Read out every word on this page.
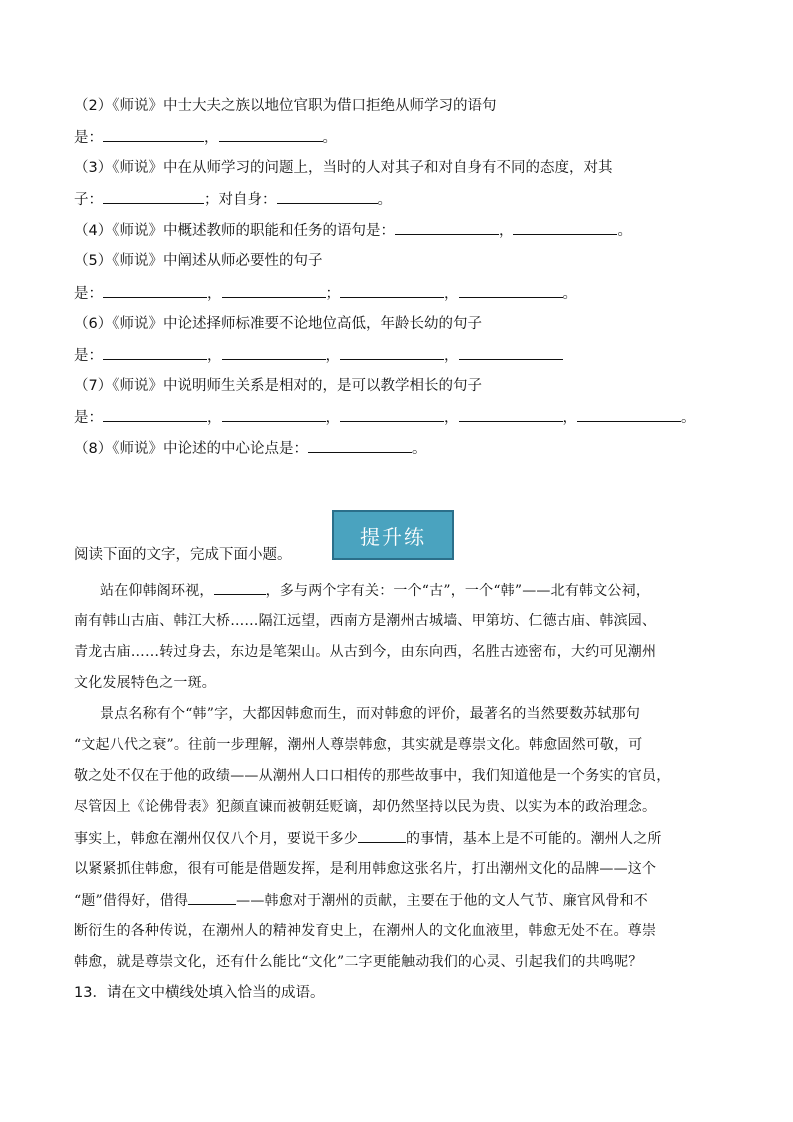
（2）《师说》中士大夫之族以地位官职为借口拒绝从师学习的语句
是：	，	。
（3）《师说》中在从师学习的问题上，当时的人对其子和对自身有不同的态度，对其
子：	；对自身：	。
（4）《师说》中概述教师的职能和任务的语句是：	，	。
（5）《师说》中阐述从师必要性的句子
是：	，	；	，	。
（6）《师说》中论述择师标准要不论地位高低，年龄长幼的句子
是：	，	，	，
（7）《师说》中说明师生关系是相对的，是可以教学相长的句子
是：	，	，	，	，	。
（8）《师说》中论述的中心论点是：	。
提升练
阅读下面的文字，完成下面小题。
站在仰韩阁环视，	，多与两个字有关：一个“古”，一个“韩”——北有韩文公祠，
南有韩山古庙、韩江大桥……隔江远望，西南方是潮州古城墙、甲第坊、仁德古庙、韩滨园、
青龙古庙……转过身去，东边是笔架山。从古到今，由东向西，名胜古迹密布，大约可见潮州
文化发展特色之一斑。
景点名称有个“韩”字，大都因韩愈而生，而对韩愈的评价，最著名的当然要数苏轼那句
“文起八代之衰”。往前一步理解，潮州人尊崇韩愈，其实就是尊崇文化。韩愈固然可敬，可
敬之处不仅在于他的政绩——从潮州人口口相传的那些故事中，我们知道他是一个务实的官员，
尽管因上《论佛骨表》犯颜直谏而被朝廷贬谪，却仍然坚持以民为贵、以实为本的政治理念。
事实上，韩愈在潮州仅仅八个月，要说干多少	的事情，基本上是不可能的。潮州人之所
以紧紧抓住韩愈，很有可能是借题发挥，是利用韩愈这张名片，打出潮州文化的品牌——这个
“题”借得好，借得	——韩愈对于潮州的贡献，主要在于他的文人气节、廉官风骨和不
断衍生的各种传说，在潮州人的精神发育史上，在潮州人的文化血液里，韩愈无处不在。尊崇
韩愈，就是尊崇文化，还有什么能比“文化”二字更能触动我们的心灵、引起我们的共鸣呢？
13．请在文中横线处填入恰当的成语。
